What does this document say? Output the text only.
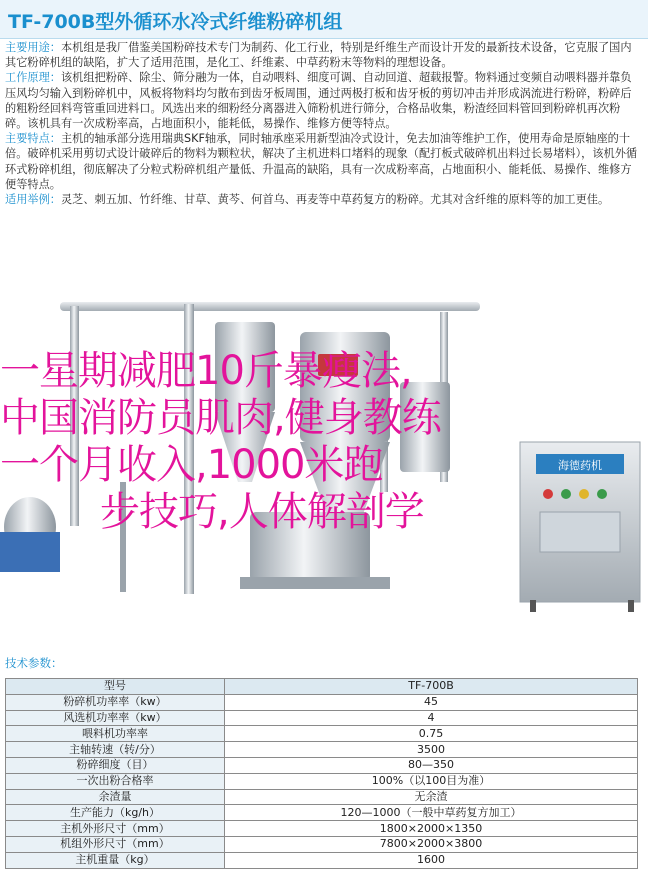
TF-700B型外循环水冷式纤维粉碎机组

主要用途：本机组是我厂借鉴美国粉碎技术专门为制药、化工行业，特别是纤维生产而设计开发的最新技术设备，它克服了国内其它粉碎机组的缺陷，扩大了适用范围，是化工、纤维素、中草药粉末等物料的理想设备。

工作原理：该机组把粉碎、除尘、筛分融为一体，自动喂料、细度可调、自动回道、超载报警。物料通过变频自动喂料器并靠负压风均匀输入到粉碎机中，风板将物料均匀散布到齿牙板周围，通过两极打板和齿牙板的剪切冲击并形成涡流进行粉碎，粉碎后的粗粉经回料弯管重回进料口。风选出来的细粉经分离器进入筛粉机进行筛分，合格品收集，粉渣经回料管回到粉碎机再次粉碎。该机具有一次成粉率高，占地面积小，能耗低，易操作、维修方便等特点。

主要特点：主机的轴承部分选用瑞典SKF轴承，同时轴承座采用新型油冷式设计，免去加油等维护工作，使用寿命是原轴座的十倍。破碎机采用剪切式设计破碎后的物料为颗粒状，解决了主机进料口堵料的现象（配打板式破碎机出料过长易堵料），该机外循环式粉碎机组，彻底解决了分粒式粉碎机组产量低、升温高的缺陷，具有一次成粉率高，占地面积小、能耗低、易操作、维修方便等特点。

适用举例：灵芝、刺五加、竹纤维、甘草、黄芩、何首乌、再麦等中草药复方的粉碎。尤其对含纤维的原料等的加工更佳。

海德药机
一星期减肥10斤暴瘦法,
中国消防员肌肉,健身教练
一个月收入,1000米跑
步技巧,人体解剖学
技术参数：
型号	TF-700B
粉碎机功率率（kw）	45
风选机功率率（kw）	4
喂料机功率率	0.75
主轴转速（转/分）	3500
粉碎细度（目）	80—350
一次出粉合格率	100%（以100目为准）
余渣量	无余渣
生产能力（kg/h）	120—1000（一般中草药复方加工）
主机外形尺寸（mm）	1800×2000×1350
机组外形尺寸（mm）	7800×2000×3800
主机重量（kg）	1600
